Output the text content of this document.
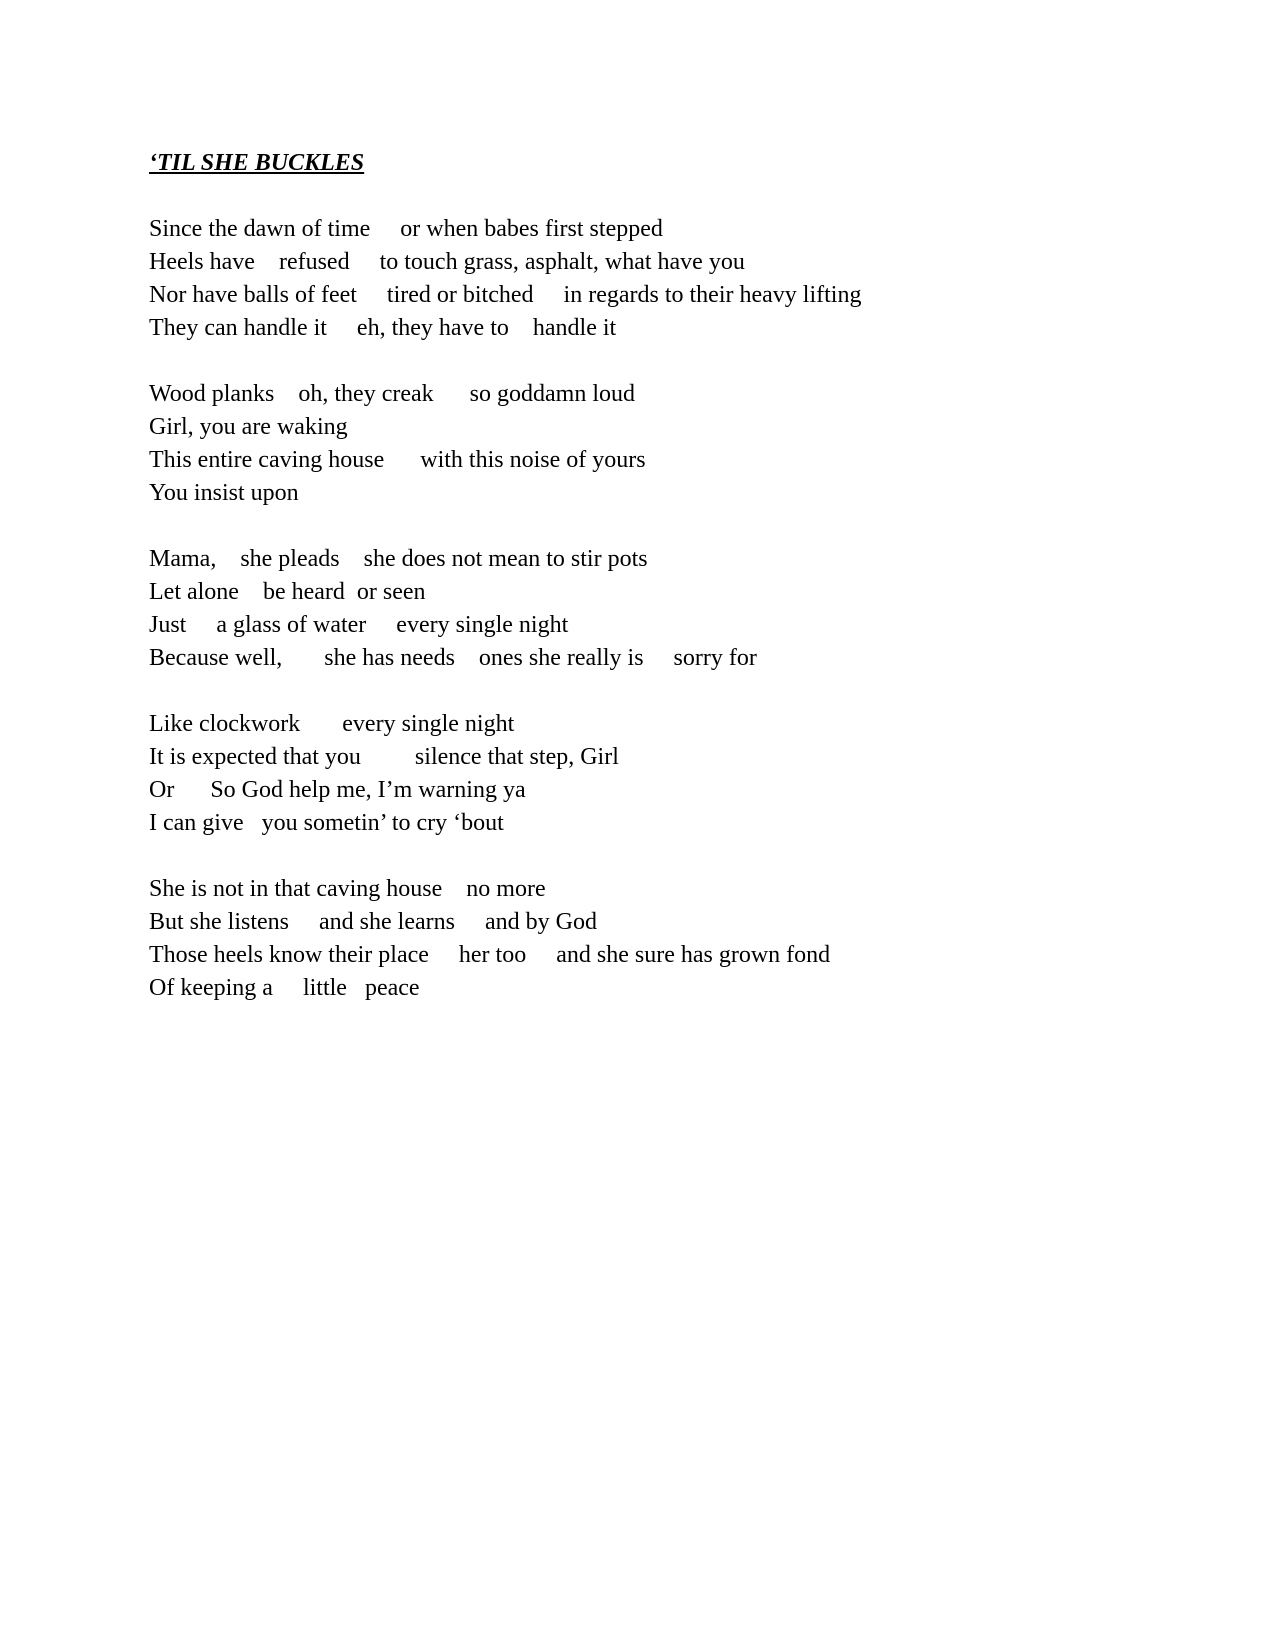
‘TIL SHE BUCKLES
Since the dawn of time     or when babes first stepped
Heels have    refused     to touch grass, asphalt, what have you
Nor have balls of feet     tired or bitched     in regards to their heavy lifting
They can handle it     eh, they have to    handle it
Wood planks    oh, they creak      so goddamn loud
Girl, you are waking
This entire caving house      with this noise of yours
You insist upon
Mama,    she pleads    she does not mean to stir pots
Let alone    be heard  or seen
Just     a glass of water     every single night
Because well,       she has needs    ones she really is     sorry for
Like clockwork       every single night
It is expected that you         silence that step, Girl
Or      So God help me, I’m warning ya
I can give   you sometin’ to cry ‘bout
She is not in that caving house    no more
But she listens     and she learns     and by God
Those heels know their place     her too     and she sure has grown fond
Of keeping a     little   peace
